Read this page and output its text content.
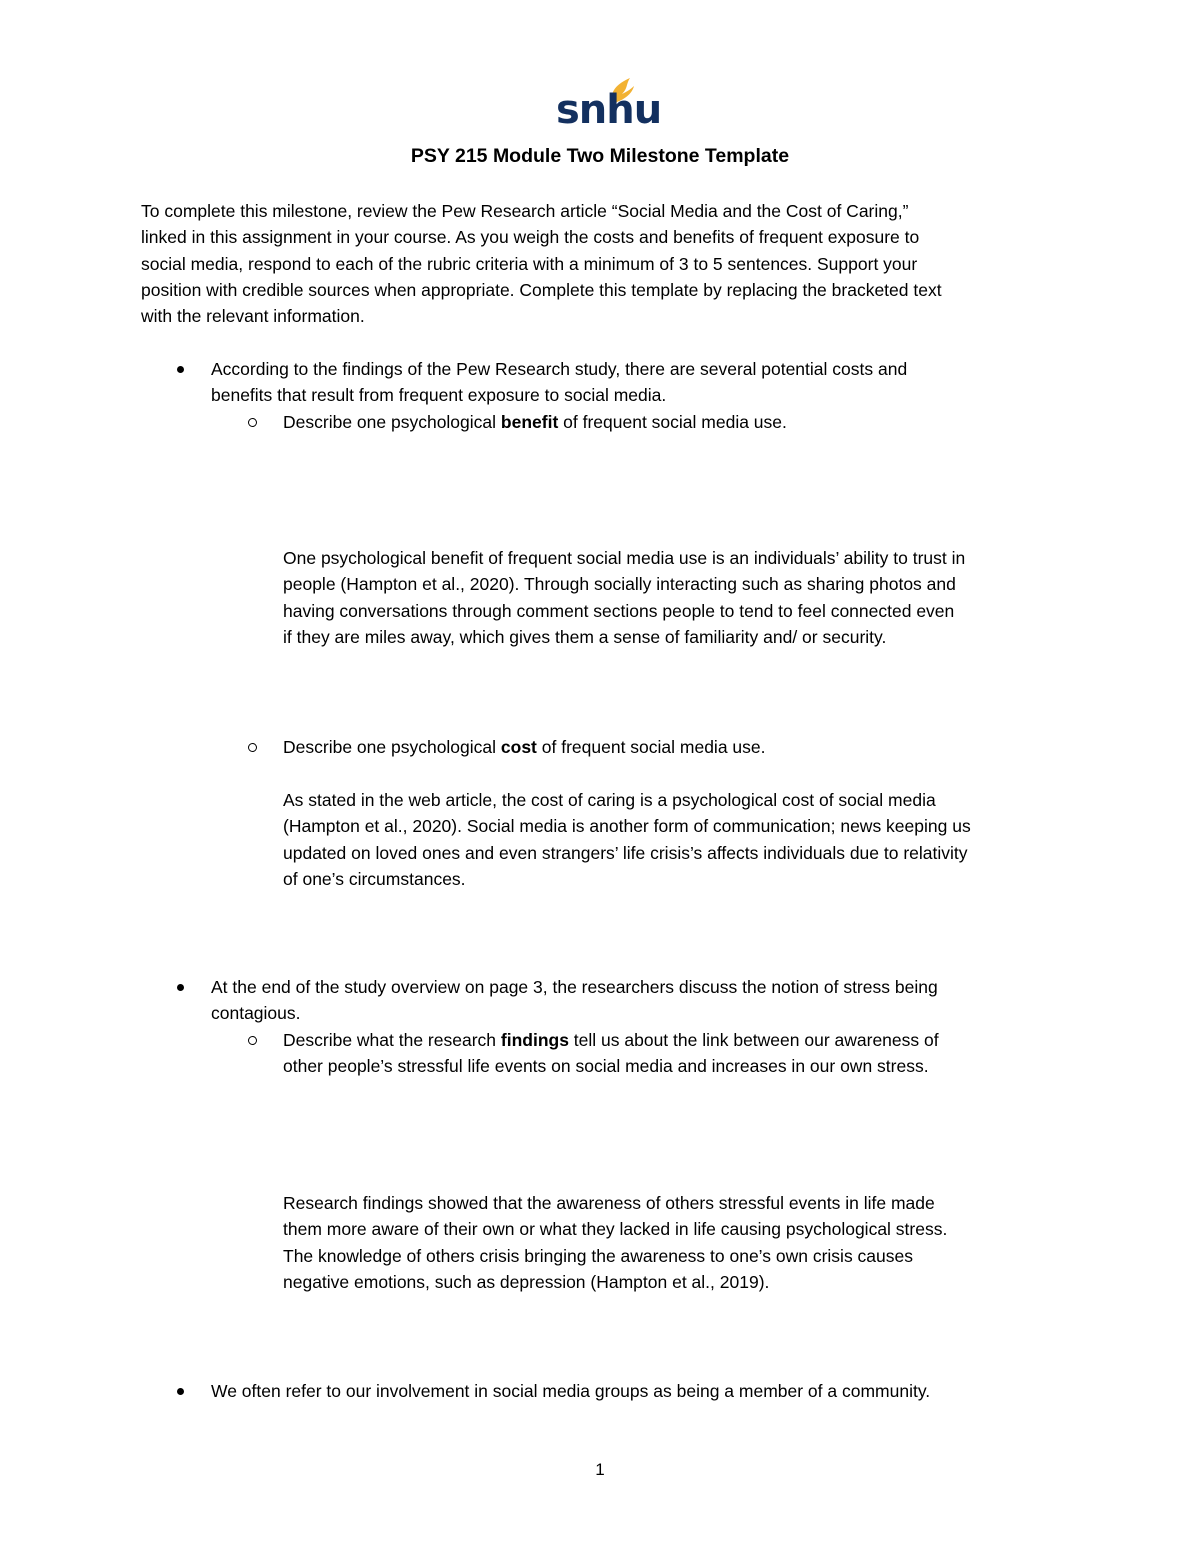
snhu
PSY 215 Module Two Milestone Template
To complete this milestone, review the Pew Research article “Social Media and the Cost of Caring,”
linked in this assignment in your course. As you weigh the costs and benefits of frequent exposure to
social media, respond to each of the rubric criteria with a minimum of 3 to 5 sentences. Support your
position with credible sources when appropriate. Complete this template by replacing the bracketed text
with the relevant information.
According to the findings of the Pew Research study, there are several potential costs and
benefits that result from frequent exposure to social media.
Describe one psychological benefit of frequent social media use.
One psychological benefit of frequent social media use is an individuals’ ability to trust in
people (Hampton et al., 2020). Through socially interacting such as sharing photos and
having conversations through comment sections people to tend to feel connected even
if they are miles away, which gives them a sense of familiarity and/ or security.
Describe one psychological cost of frequent social media use.
As stated in the web article, the cost of caring is a psychological cost of social media
(Hampton et al., 2020). Social media is another form of communication; news keeping us
updated on loved ones and even strangers’ life crisis’s affects individuals due to relativity
of one’s circumstances.
At the end of the study overview on page 3, the researchers discuss the notion of stress being
contagious.
Describe what the research findings tell us about the link between our awareness of
other people’s stressful life events on social media and increases in our own stress.
Research findings showed that the awareness of others stressful events in life made
them more aware of their own or what they lacked in life causing psychological stress.
The knowledge of others crisis bringing the awareness to one’s own crisis causes
negative emotions, such as depression (Hampton et al., 2019).
We often refer to our involvement in social media groups as being a member of a community.
1
